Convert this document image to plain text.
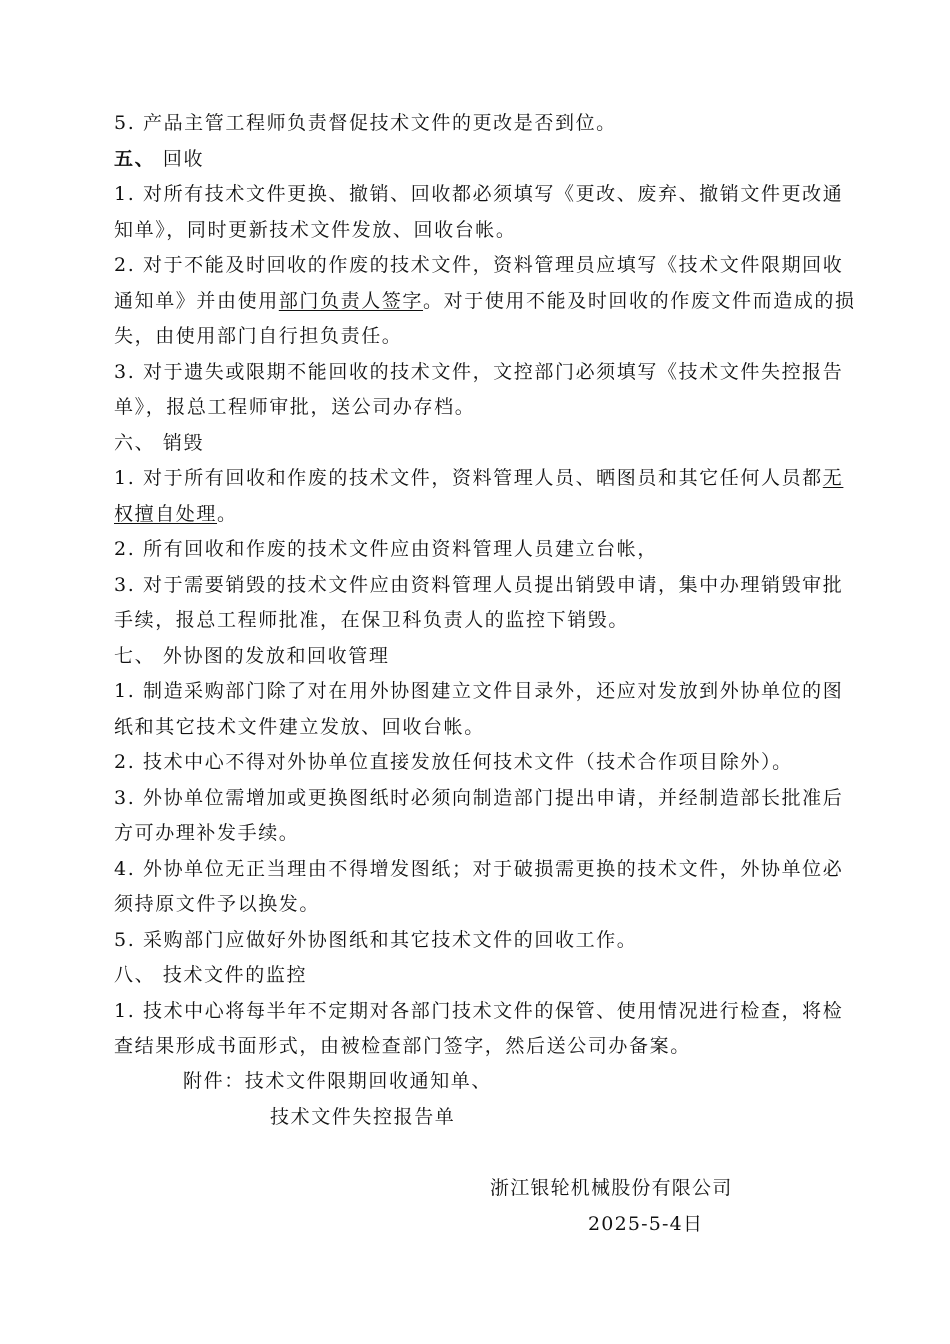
5. 产品主管工程师负责督促技术文件的更改是否到位。

五、 回收

1. 对所有技术文件更换、撤销、回收都必须填写《更改、废弃、撤销文件更改通知单》，同时更新技术文件发放、回收台帐。

2. 对于不能及时回收的作废的技术文件，资料管理员应填写《技术文件限期回收通知单》并由使用部门负责人签字。对于使用不能及时回收的作废文件而造成的损失，由使用部门自行担负责任。

3. 对于遗失或限期不能回收的技术文件，文控部门必须填写《技术文件失控报告单》，报总工程师审批，送公司办存档。

六、 销毁

1. 对于所有回收和作废的技术文件，资料管理人员、晒图员和其它任何人员都无权擅自处理。

2. 所有回收和作废的技术文件应由资料管理人员建立台帐，

3. 对于需要销毁的技术文件应由资料管理人员提出销毁申请，集中办理销毁审批手续，报总工程师批准，在保卫科负责人的监控下销毁。

七、 外协图的发放和回收管理

1. 制造采购部门除了对在用外协图建立文件目录外，还应对发放到外协单位的图纸和其它技术文件建立发放、回收台帐。

2. 技术中心不得对外协单位直接发放任何技术文件（技术合作项目除外）。

3. 外协单位需增加或更换图纸时必须向制造部门提出申请，并经制造部长批准后方可办理补发手续。

4. 外协单位无正当理由不得增发图纸；对于破损需更换的技术文件，外协单位必须持原文件予以换发。

5. 采购部门应做好外协图纸和其它技术文件的回收工作。

八、 技术文件的监控

1. 技术中心将每半年不定期对各部门技术文件的保管、使用情况进行检查，将检查结果形成书面形式，由被检查部门签字，然后送公司办备案。

附件：技术文件限期回收通知单、
技术文件失控报告单
浙江银轮机械股份有限公司
2025-5-4日
